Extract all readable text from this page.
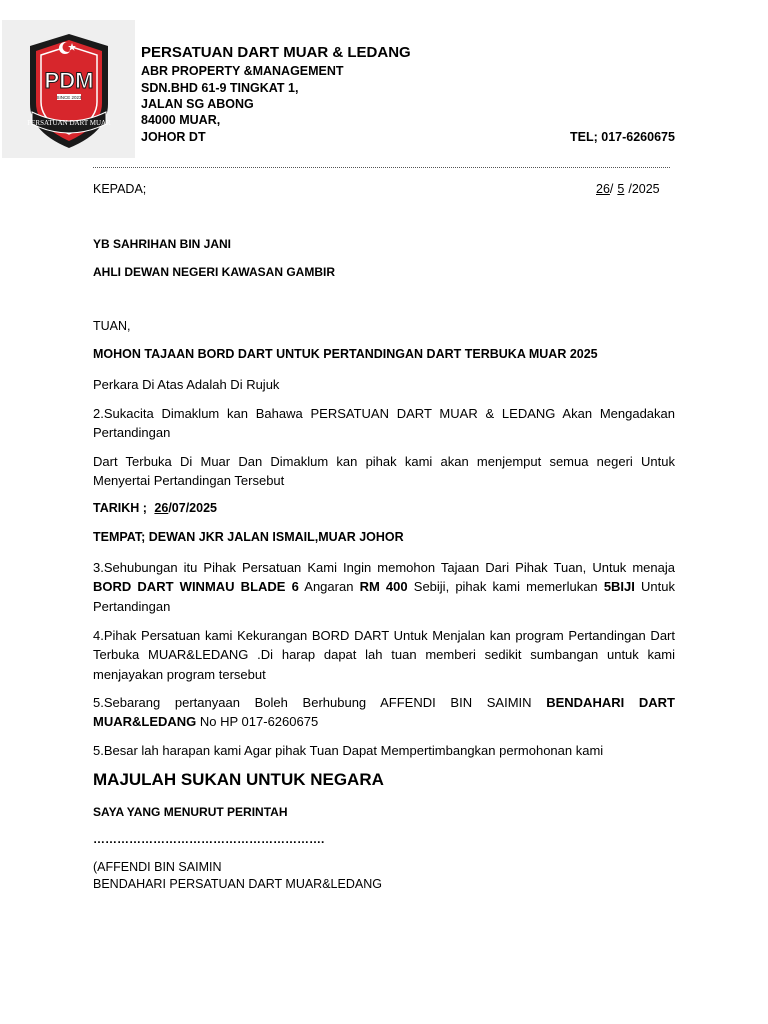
PDM
SINCE 2023
PERSATUAN DART MUAR
PERSATUAN DART MUAR & LEDANG
ABR PROPERTY &MANAGEMENT
SDN.BHD 61-9 TINGKAT 1,
JALAN SG ABONG
84000 MUAR,
JOHOR DT	TEL; 017-6260675
KEPADA;	26/ 5 /2025
YB SAHRIHAN BIN JANI
AHLI DEWAN NEGERI KAWASAN GAMBIR
TUAN,
MOHON TAJAAN BORD DART UNTUK PERTANDINGAN DART TERBUKA MUAR 2025
Perkara Di Atas Adalah Di Rujuk
2.Sukacita Dimaklum kan Bahawa PERSATUAN DART MUAR & LEDANG Akan Mengadakan Pertandingan
Dart Terbuka Di Muar Dan Dimaklum kan pihak kami akan menjemput semua negeri Untuk Menyertai Pertandingan Tersebut
TARIKH ; 26/07/2025
TEMPAT; DEWAN JKR JALAN ISMAIL,MUAR JOHOR
3.Sehubungan itu Pihak Persatuan Kami Ingin memohon Tajaan Dari Pihak Tuan, Untuk menaja BORD DART WINMAU BLADE 6 Angaran RM 400 Sebiji, pihak kami memerlukan 5BIJI Untuk Pertandingan
4.Pihak Persatuan kami Kekurangan BORD DART Untuk Menjalan kan program Pertandingan Dart Terbuka MUAR&LEDANG .Di harap dapat lah tuan memberi sedikit sumbangan untuk kami menjayakan program tersebut
5.Sebarang pertanyaan Boleh Berhubung AFFENDI BIN SAIMIN BENDAHARI DART MUAR&LEDANG No HP 017-6260675
5.Besar lah harapan kami Agar pihak Tuan Dapat Mempertimbangkan permohonan kami
MAJULAH SUKAN UNTUK NEGARA
SAYA YANG MENURUT PERINTAH
………………………………………………….
(AFFENDI BIN SAIMIN
BENDAHARI PERSATUAN DART MUAR&LEDANG
